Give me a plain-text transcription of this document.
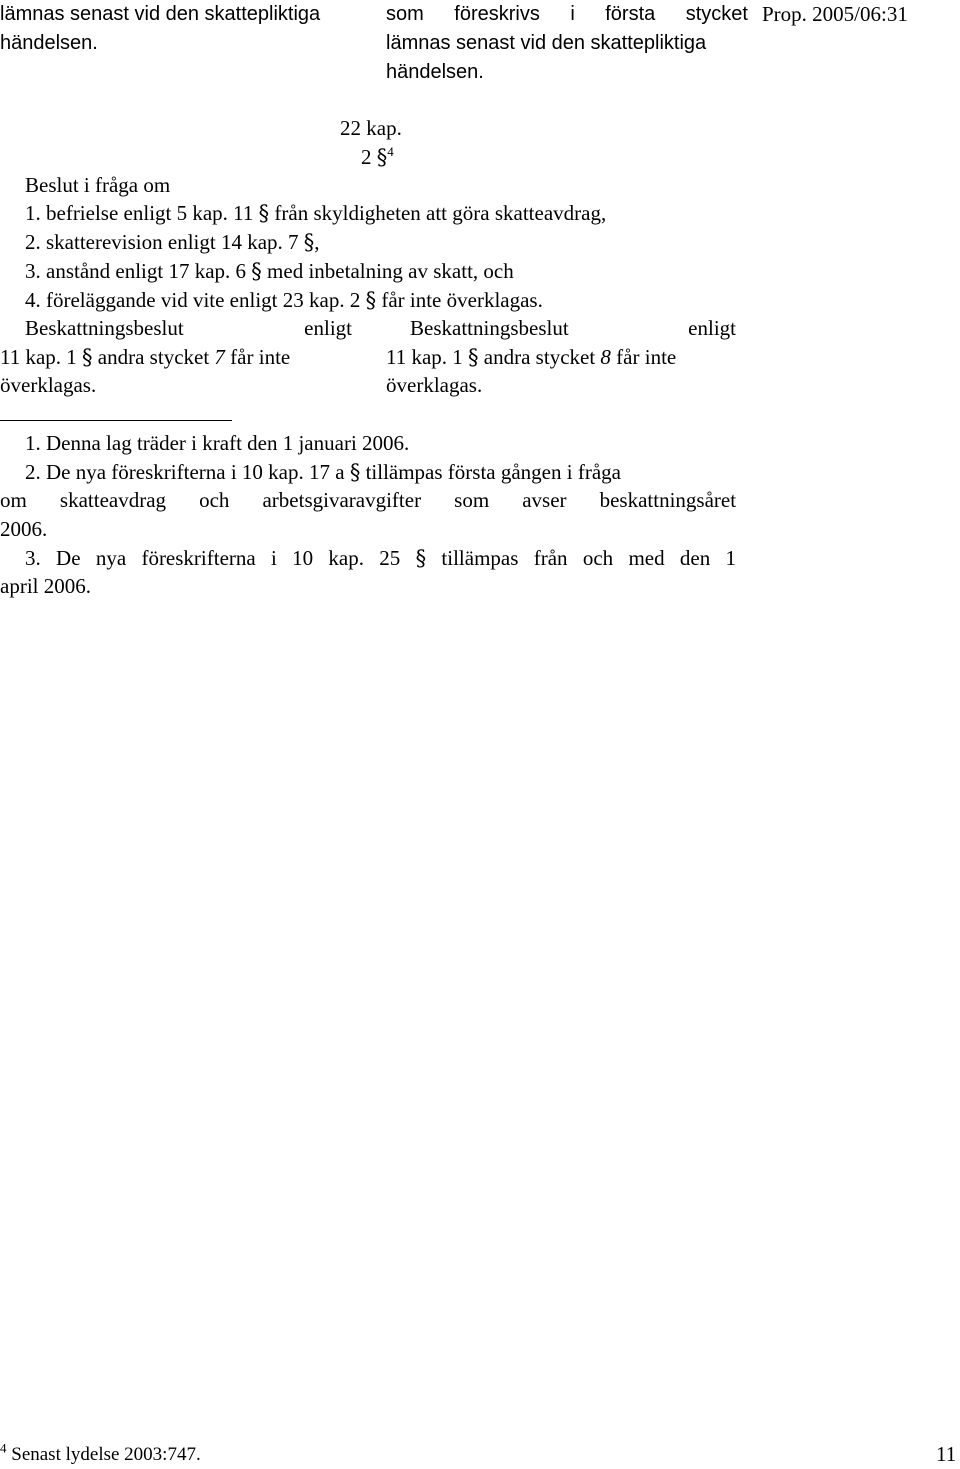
lämnas senast vid den skattepliktiga
händelsen.
som föreskrivs i första stycket
lämnas senast vid den skattepliktiga
händelsen.
Prop. 2005/06:31
22 kap.
2 §$^4$
Beslut i fråga om
1. befrielse enligt 5 kap. 11 § från skyldigheten att göra skatteavdrag,
2. skatterevision enligt 14 kap. 7 §,
3. anstånd enligt 17 kap. 6 § med inbetalning av skatt, och
4. föreläggande vid vite enligt 23 kap. 2 § får inte överklagas.
Beskattningsbeslut	enligt
11 kap. 1 § andra stycket 7 får inte
överklagas.
Beskattningsbeslut	enligt
11 kap. 1 § andra stycket 8 får inte
överklagas.
1. Denna lag träder i kraft den 1 januari 2006.
2. De nya föreskrifterna i 10 kap. 17 a § tillämpas första gången i fråga
om skatteavdrag och arbetsgivaravgifter som avser beskattningsåret
2006.
3. De nya föreskrifterna i 10 kap. 25 § tillämpas från och med den 1
april 2006.
$^4$ Senast lydelse 2003:747.	11
